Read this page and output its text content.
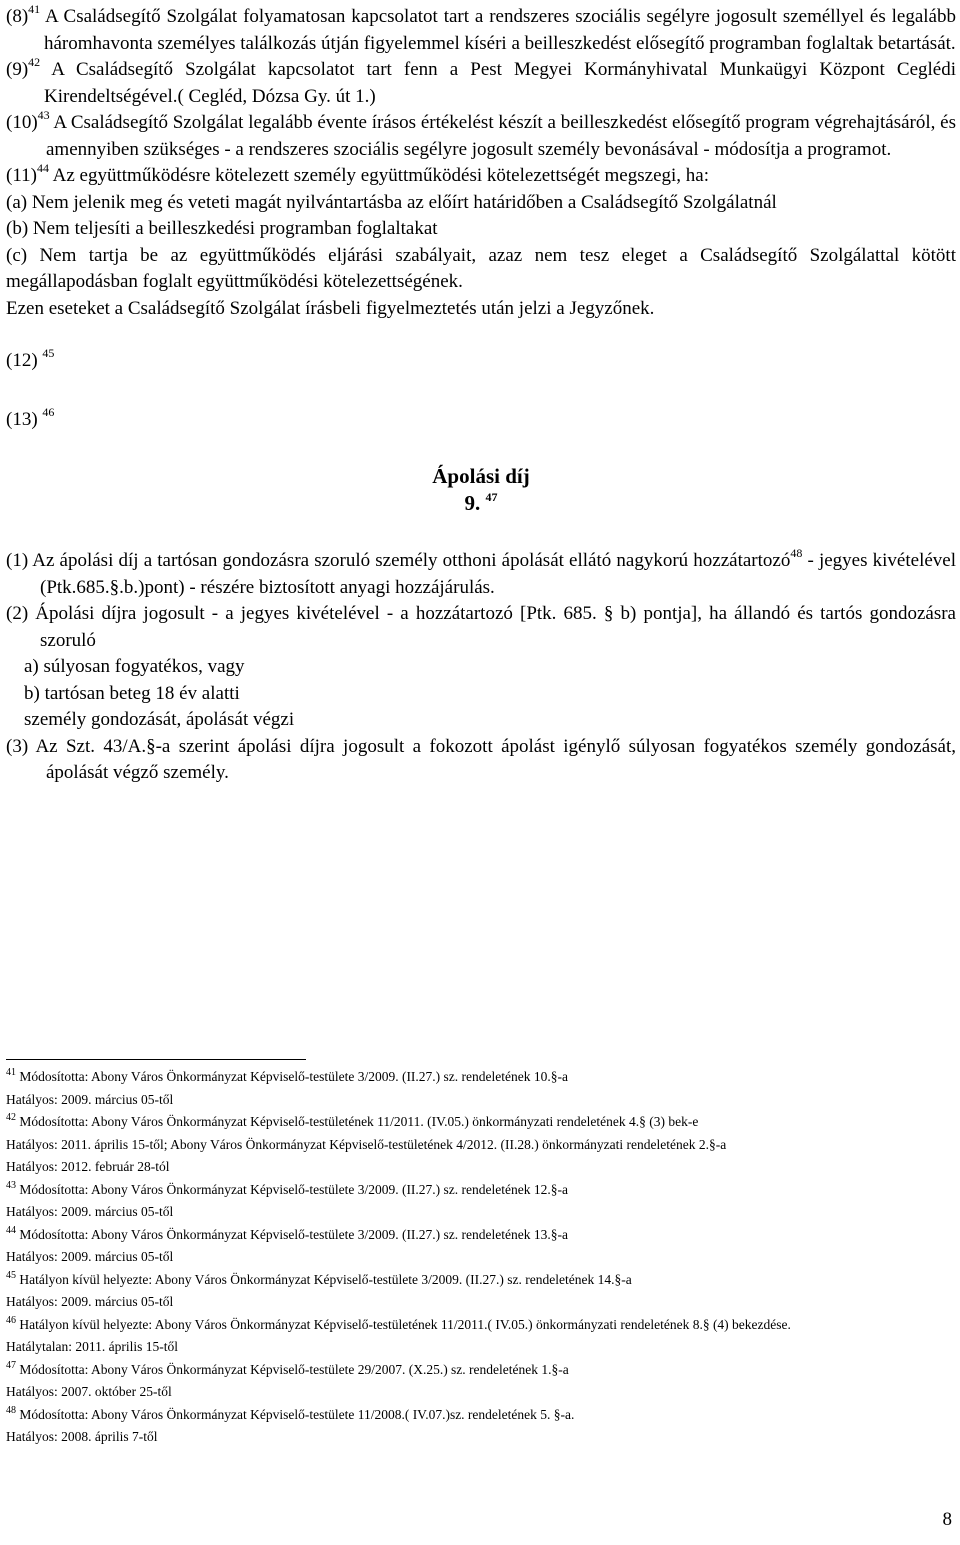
$(8)^{41}$ A Családsegítő Szolgálat folyamatosan kapcsolatot tart a rendszeres szociális segélyre jogosult személlyel és legalább háromhavonta személyes találkozás útján figyelemmel kíséri a beilleszkedést elősegítő programban foglaltak betartását.

$(9)^{42}$ A Családsegítő Szolgálat kapcsolatot tart fenn a Pest Megyei Kormányhivatal Munkaügyi Központ Ceglédi Kirendeltségével.( Cegléd, Dózsa Gy. út 1.)

$(10)^{43}$ A Családsegítő Szolgálat legalább évente írásos értékelést készít a beilleszkedést elősegítő program végrehajtásáról, és amennyiben szükséges - a rendszeres szociális segélyre jogosult személy bevonásával - módosítja a programot.

$(11)^{44}$ Az együttműködésre kötelezett személy együttműködési kötelezettségét megszegi, ha:

(a) Nem jelenik meg és veteti magát nyilvántartásba az előírt határidőben a Családsegítő Szolgálatnál

(b) Nem teljesíti a beilleszkedési programban foglaltakat

(c) Nem tartja be az együttműködés eljárási szabályait, azaz nem tesz eleget a Családsegítő Szolgálattal kötött megállapodásban foglalt együttműködési kötelezettségének.

Ezen eseteket a Családsegítő Szolgálat írásbeli figyelmeztetés után jelzi a Jegyzőnek.

(12) $^{45}$

(13) $^{46}$

Ápolási díj

9. $^{47}$

(1) Az ápolási díj a tartósan gondozásra szoruló személy otthoni ápolását ellátó nagykorú hozzátartozó$^{48}$ - jegyes kivételével (Ptk.685.§.b.)pont) - részére biztosított anyagi hozzájárulás.

(2) Ápolási díjra jogosult - a jegyes kivételével - a hozzátartozó [Ptk. 685. § b) pontja], ha állandó és tartós gondozásra szoruló

a) súlyosan fogyatékos, vagy

b) tartósan beteg 18 év alatti

személy gondozását, ápolását végzi

(3) Az Szt. 43/A.§-a szerint ápolási díjra jogosult a fokozott ápolást igénylő súlyosan fogyatékos személy gondozását, ápolását végző személy.

$^{41}$ Módosította: Abony Város Önkormányzat Képviselő-testülete 3/2009. (II.27.) sz. rendeletének 10.§-a

Hatályos: 2009. március 05-től

$^{42}$ Módosította: Abony Város Önkormányzat Képviselő-testületének 11/2011. (IV.05.) önkormányzati rendeletének 4.§ (3) bek-e

Hatályos: 2011. április 15-től; Abony Város Önkormányzat Képviselő-testületének 4/2012. (II.28.) önkormányzati rendeletének 2.§-a

Hatályos: 2012. február 28-tól

$^{43}$ Módosította: Abony Város Önkormányzat Képviselő-testülete 3/2009. (II.27.) sz. rendeletének 12.§-a

Hatályos: 2009. március 05-től

$^{44}$ Módosította: Abony Város Önkormányzat Képviselő-testülete 3/2009. (II.27.) sz. rendeletének 13.§-a

Hatályos: 2009. március 05-től

$^{45}$ Hatályon kívül helyezte: Abony Város Önkormányzat Képviselő-testülete 3/2009. (II.27.) sz. rendeletének 14.§-a

Hatályos: 2009. március 05-től

$^{46}$ Hatályon kívül helyezte: Abony Város Önkormányzat Képviselő-testületének 11/2011.( IV.05.) önkormányzati rendeletének 8.§ (4) bekezdése.

Hatálytalan: 2011. április 15-től

$^{47}$ Módosította: Abony Város Önkormányzat Képviselő-testülete 29/2007. (X.25.) sz. rendeletének 1.§-a

Hatályos: 2007. október 25-től

$^{48}$ Módosította: Abony Város Önkormányzat Képviselő-testülete 11/2008.( IV.07.)sz. rendeletének 5. §-a.

Hatályos: 2008. április 7-től

8
